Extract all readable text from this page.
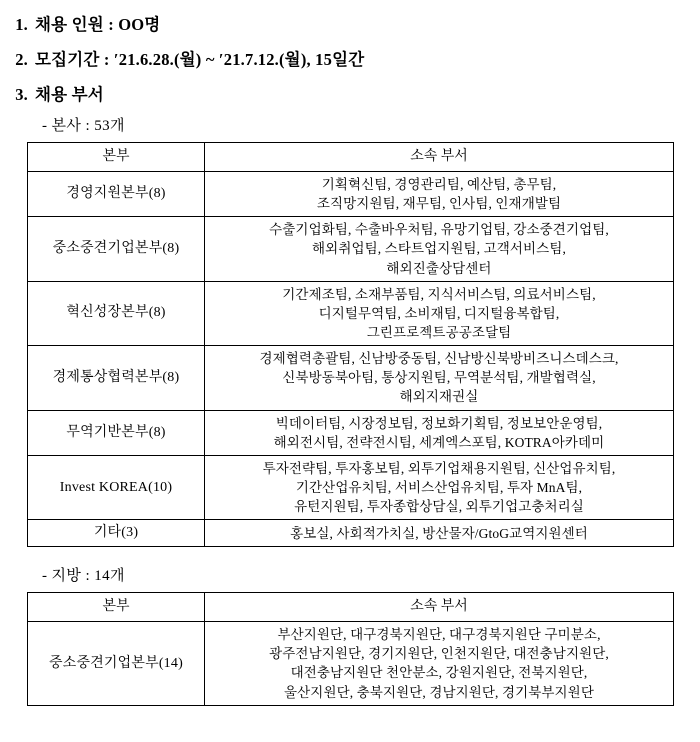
1. 채용 인원 : OO명
2. 모집기간 : ′21.6.28.(월) ~ ′21.7.12.(월), 15일간
3. 채용 부서
- 본사 : 53개
본부	소속 부서
경영지원본부(8)	기획혁신팀, 경영관리팀, 예산팀, 총무팀,
조직망지원팀, 재무팀, 인사팀, 인재개발팀

중소중견기업본부(8)	수출기업화팀, 수출바우처팀, 유망기업팀, 강소중견기업팀,
해외취업팀, 스타트업지원팀, 고객서비스팀,
해외진출상담센터

혁신성장본부(8)	기간제조팀, 소재부품팀, 지식서비스팀, 의료서비스팀,
디지털무역팀, 소비재팀, 디지털융복합팀,
그린프로젝트공공조달팀

경제통상협력본부(8)	경제협력총괄팀, 신남방중동팀, 신남방신북방비즈니스데스크,
신북방동북아팀, 통상지원팀, 무역분석팀, 개발협력실,
해외지재권실

무역기반본부(8)	빅데이터팀, 시장정보팀, 정보화기획팀, 정보보안운영팀,
해외전시팀, 전략전시팀, 세계엑스포팀, KOTRA아카데미

Invest KOREA(10)	투자전략팀, 투자홍보팀, 외투기업채용지원팀, 신산업유치팀,
기간산업유치팀, 서비스산업유치팀, 투자 MnA팀,
유턴지원팀, 투자종합상담실, 외투기업고충처리실

기타(3)	홍보실, 사회적가치실, 방산물자/GtoG교역지원센터
- 지방 : 14개
본부	소속 부서
중소중견기업본부(14)	부산지원단, 대구경북지원단, 대구경북지원단 구미분소,
광주전남지원단, 경기지원단, 인천지원단, 대전충남지원단,
대전충남지원단 천안분소, 강원지원단, 전북지원단,
울산지원단, 충북지원단, 경남지원단, 경기북부지원단
